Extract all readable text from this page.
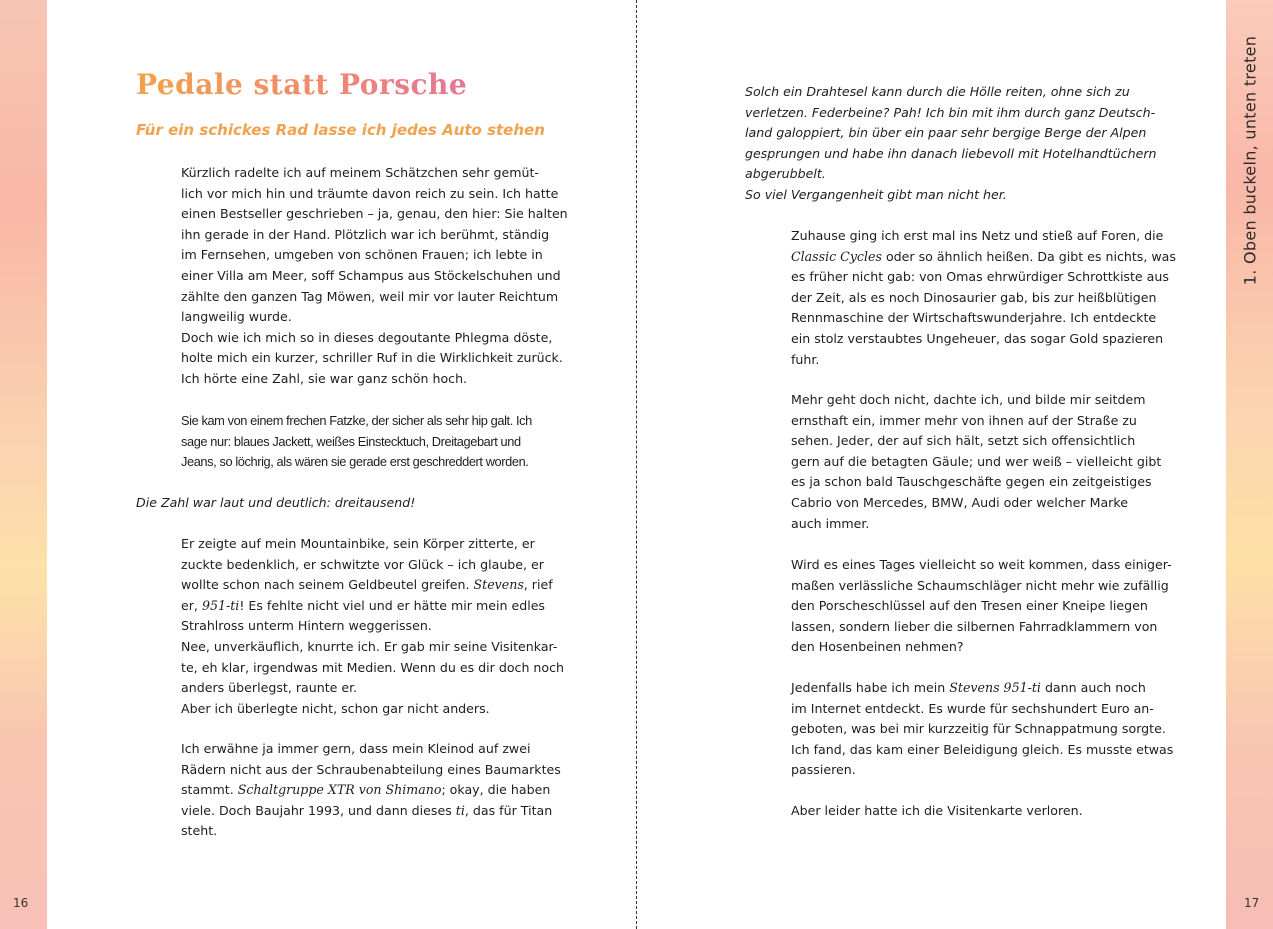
16	17
1. Oben buckeln, unten treten
Pedale statt Porsche
Für ein schickes Rad lasse ich jedes Auto stehen

Kürzlich radelte ich auf meinem Schätzchen sehr gemüt-
lich vor mich hin und träumte davon reich zu sein. Ich hatte
einen Bestseller geschrieben – ja, genau, den hier: Sie halten
ihn gerade in der Hand. Plötzlich war ich berühmt, ständig
im Fernsehen, umgeben von schönen Frauen; ich lebte in
einer Villa am Meer, soff Schampus aus Stöckelschuhen und
zählte den ganzen Tag Möwen, weil mir vor lauter Reichtum
langweilig wurde.
Doch wie ich mich so in dieses degoutante Phlegma döste,
holte mich ein kurzer, schriller Ruf in die Wirklichkeit zurück.
Ich hörte eine Zahl, sie war ganz schön hoch.

Sie kam von einem frechen Fatzke, der sicher als sehr hip galt. Ich
sage nur: blaues Jackett, weißes Einstecktuch, Dreitagebart und
Jeans, so löchrig, als wären sie gerade erst geschreddert worden.

Die Zahl war laut und deutlich: dreitausend!

Er zeigte auf mein Mountainbike, sein Körper zitterte, er
zuckte bedenklich, er schwitzte vor Glück – ich glaube, er
wollte schon nach seinem Geldbeutel greifen. Stevens, rief
er, 951-ti! Es fehlte nicht viel und er hätte mir mein edles
Strahlross unterm Hintern weggerissen.
Nee, unverkäuflich, knurrte ich. Er gab mir seine Visitenkar-
te, eh klar, irgendwas mit Medien. Wenn du es dir doch noch
anders überlegst, raunte er.
Aber ich überlegte nicht, schon gar nicht anders.

Ich erwähne ja immer gern, dass mein Kleinod auf zwei
Rädern nicht aus der Schraubenabteilung eines Baumarktes
stammt. Schaltgruppe XTR von Shimano; okay, die haben
viele. Doch Baujahr 1993, und dann dieses ti, das für Titan
steht.

Solch ein Drahtesel kann durch die Hölle reiten, ohne sich zu
verletzen. Federbeine? Pah! Ich bin mit ihm durch ganz Deutsch-
land galoppiert, bin über ein paar sehr bergige Berge der Alpen
gesprungen und habe ihn danach liebevoll mit Hotelhandtüchern
abgerubbelt.
So viel Vergangenheit gibt man nicht her.

Zuhause ging ich erst mal ins Netz und stieß auf Foren, die
Classic Cycles oder so ähnlich heißen. Da gibt es nichts, was
es früher nicht gab: von Omas ehrwürdiger Schrottkiste aus
der Zeit, als es noch Dinosaurier gab, bis zur heißblütigen
Rennmaschine der Wirtschaftswunderjahre. Ich entdeckte
ein stolz verstaubtes Ungeheuer, das sogar Gold spazieren
fuhr.

Mehr geht doch nicht, dachte ich, und bilde mir seitdem
ernsthaft ein, immer mehr von ihnen auf der Straße zu
sehen. Jeder, der auf sich hält, setzt sich offensichtlich
gern auf die betagten Gäule; und wer weiß – vielleicht gibt
es ja schon bald Tauschgeschäfte gegen ein zeitgeistiges
Cabrio von Mercedes, BMW, Audi oder welcher Marke
auch immer.

Wird es eines Tages vielleicht so weit kommen, dass einiger-
maßen verlässliche Schaumschläger nicht mehr wie zufällig
den Porscheschlüssel auf den Tresen einer Kneipe liegen
lassen, sondern lieber die silbernen Fahrradklammern von
den Hosenbeinen nehmen?

Jedenfalls habe ich mein Stevens 951-ti dann auch noch
im Internet entdeckt. Es wurde für sechshundert Euro an-
geboten, was bei mir kurzzeitig für Schnappatmung sorgte.
Ich fand, das kam einer Beleidigung gleich. Es musste etwas
passieren.

Aber leider hatte ich die Visitenkarte verloren.
